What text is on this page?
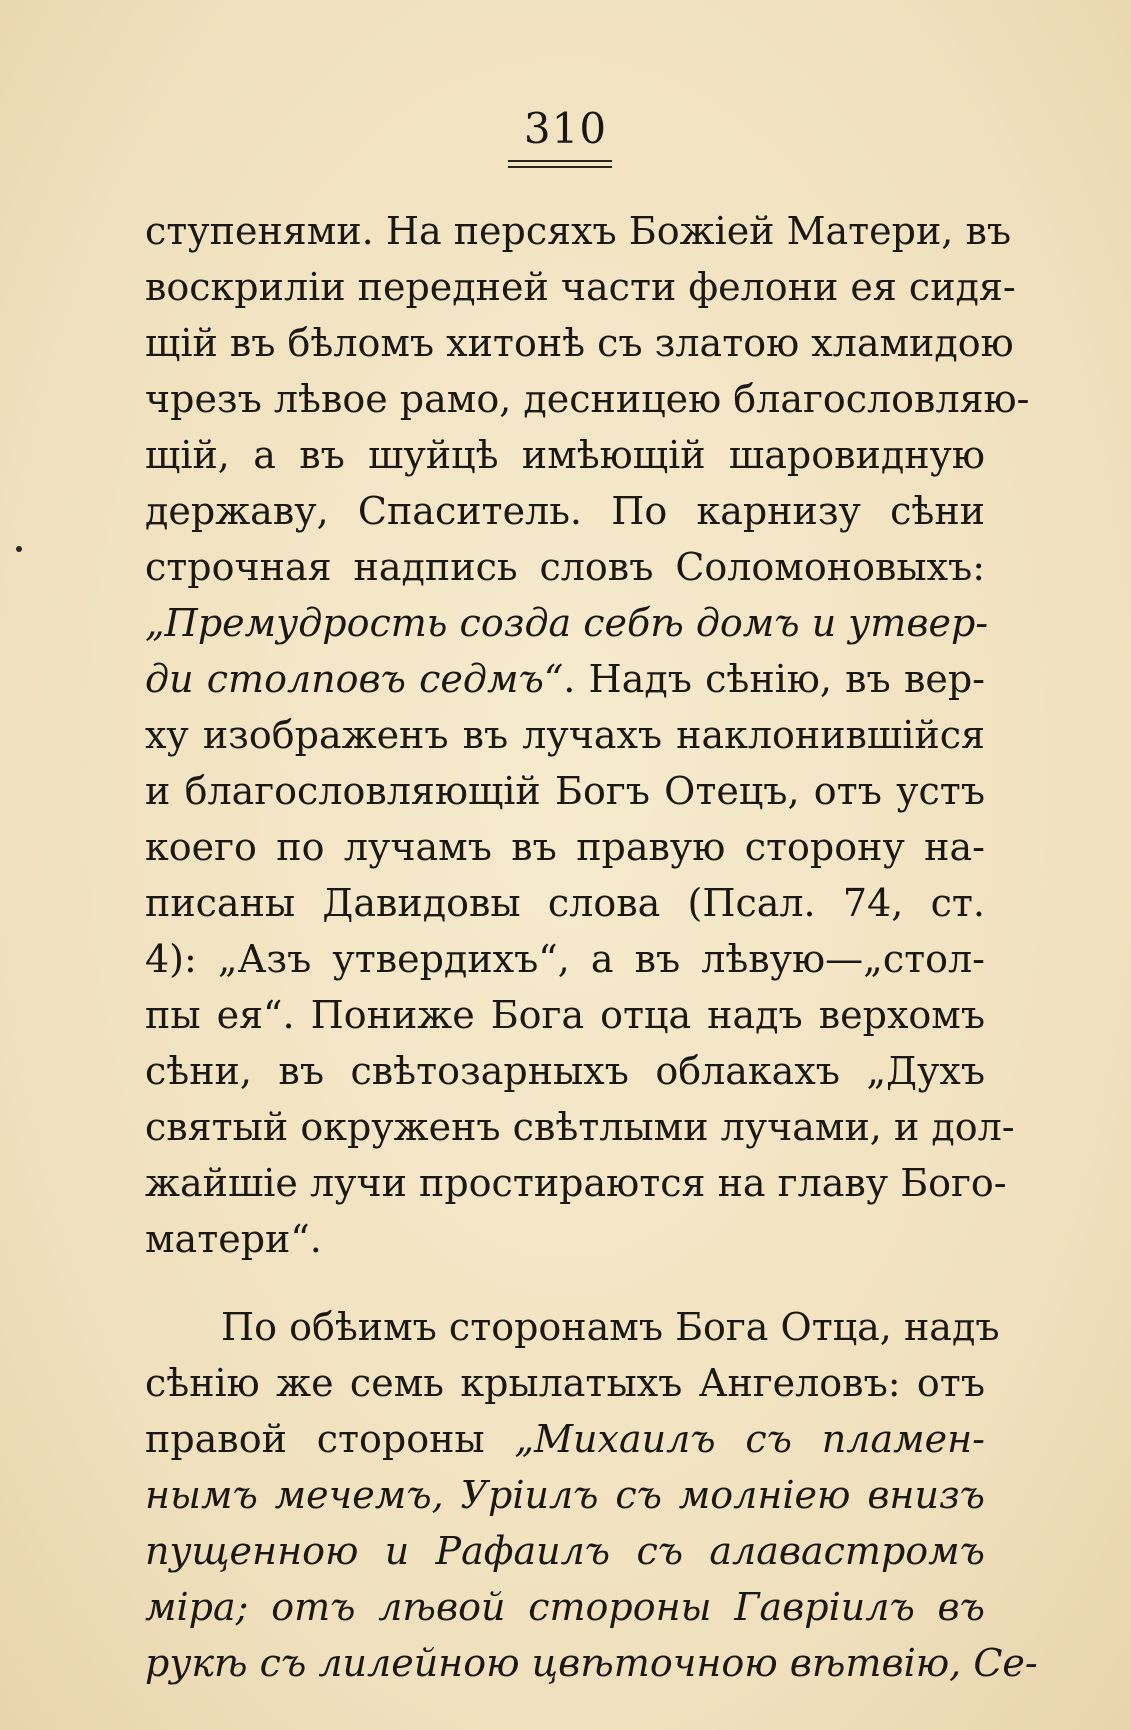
310
ступенями. На персяхъ Божіей Матери, въ
воскриліи передней части фелони ея сидя-
щій въ бѣломъ хитонѣ съ златою хламидою
чрезъ лѣвое рамо, десницею благословляю-
щій, а въ шуйцѣ имѣющій шаровидную
державу, Спаситель. По карнизу сѣни
строчная надпись словъ Соломоновыхъ:
„Премудрость созда себѣ домъ и утвер-
ди столповъ седмъ“. Надъ сѣнію, въ вер-
ху изображенъ въ лучахъ наклонившійся
и благословляющій Богъ Отецъ, отъ устъ
коего по лучамъ въ правую сторону на-
писаны Давидовы слова (Псал. 74, ст.
4): „Азъ утвердихъ“, а въ лѣвую—„стол-
пы ея“. Пониже Бога отца надъ верхомъ
сѣни, въ свѣтозарныхъ облакахъ „Духъ
святый окруженъ свѣтлыми лучами, и дол-
жайшіе лучи простираются на главу Бого-
матери“.
По обѣимъ сторонамъ Бога Отца, надъ
сѣнію же семь крылатыхъ Ангеловъ: отъ
правой стороны „Михаилъ съ пламен-
нымъ мечемъ, Уріилъ съ молніею внизъ
пущенною и Рафаилъ съ алавастромъ
міра; отъ лѣвой стороны Гавріилъ въ
рукѣ съ лилейною цвѣточною вѣтвію, Се-
